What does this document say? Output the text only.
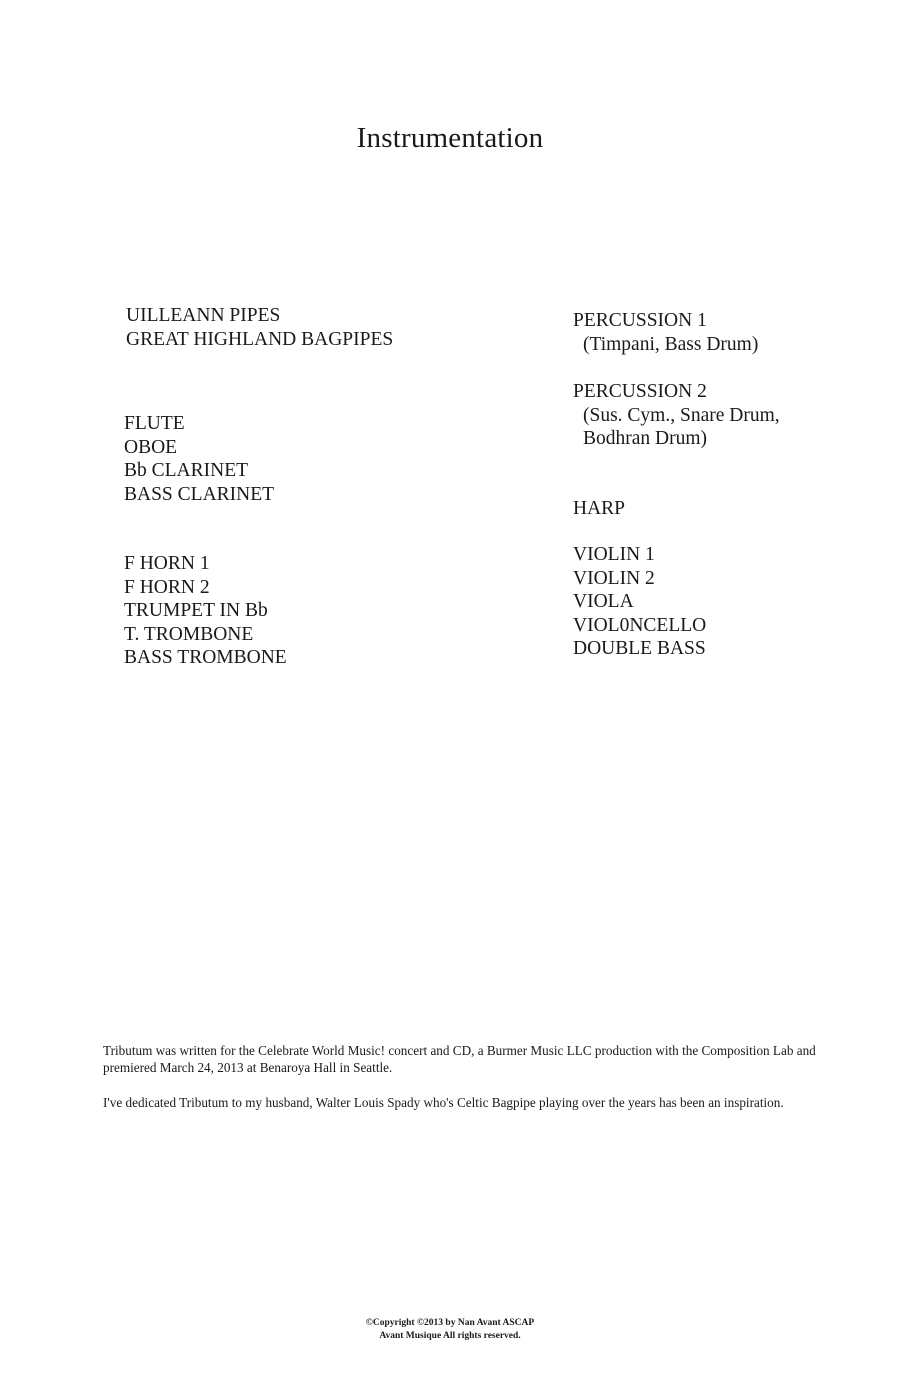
Instrumentation
UILLEANN PIPES
GREAT HIGHLAND BAGPIPES
FLUTE
OBOE
Bb CLARINET
BASS CLARINET
F HORN 1
F HORN 2
TRUMPET IN Bb
T. TROMBONE
BASS TROMBONE
PERCUSSION 1
(Timpani, Bass Drum)
PERCUSSION 2
(Sus. Cym., Snare Drum,
Bodhran Drum)
HARP
VIOLIN 1
VIOLIN 2
VIOLA
VIOL0NCELLO
DOUBLE BASS

Tributum was written for the Celebrate World Music! concert and CD, a Burmer Music LLC production with the Composition Lab and premiered March 24, 2013 at Benaroya Hall in Seattle.

I've dedicated Tributum to my husband, Walter Louis Spady who's Celtic Bagpipe playing over the years has been an inspiration.

©Copyright ©2013 by Nan Avant ASCAP
Avant Musique All rights reserved.
